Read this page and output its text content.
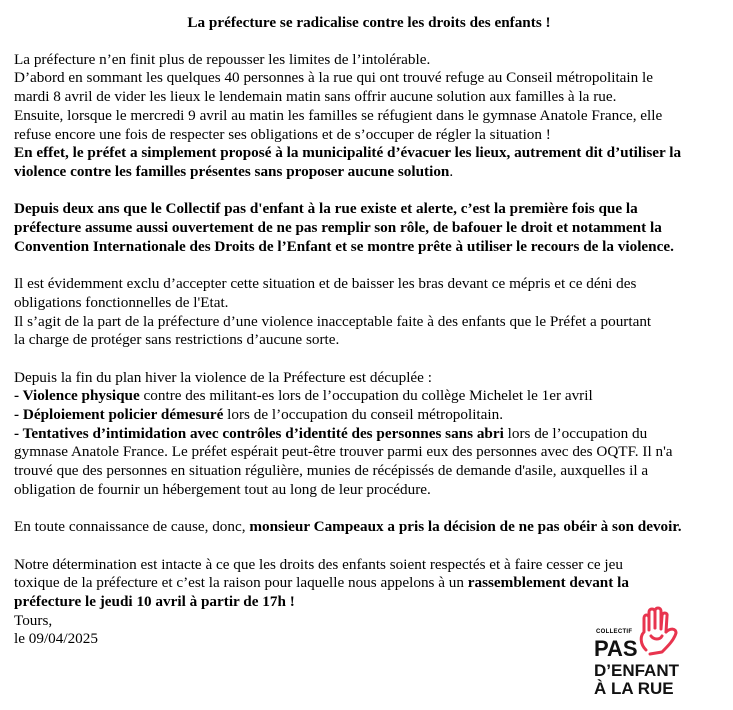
La préfecture se radicalise contre les droits des enfants !

La préfecture n’en finit plus de repousser les limites de l’intolérable.
D’abord en sommant les quelques 40 personnes à la rue qui ont trouvé refuge au Conseil métropolitain le
mardi 8 avril de vider les lieux le lendemain matin sans offrir aucune solution aux familles à la rue.
Ensuite, lorsque le mercredi 9 avril au matin les familles se réfugient dans le gymnase Anatole France, elle
refuse encore une fois de respecter ses obligations et de s’occuper de régler la situation !
En effet, le préfet a simplement proposé à la municipalité d’évacuer les lieux, autrement dit d’utiliser la
violence contre les familles présentes sans proposer aucune solution.

Depuis deux ans que le Collectif pas d'enfant à la rue existe et alerte, c’est la première fois que la
préfecture assume aussi ouvertement de ne pas remplir son rôle, de bafouer le droit et notamment la
Convention Internationale des Droits de l’Enfant et se montre prête à utiliser le recours de la violence.

Il est évidemment exclu d’accepter cette situation et de baisser les bras devant ce mépris et ce déni des
obligations fonctionnelles de l'Etat.
Il s’agit de la part de la préfecture d’une violence inacceptable faite à des enfants que le Préfet a pourtant
la charge de protéger sans restrictions d’aucune sorte.

Depuis la fin du plan hiver la violence de la Préfecture est décuplée :
- Violence physique contre des militant-es lors de l’occupation du collège Michelet le 1er avril
- Déploiement policier démesuré lors de l’occupation du conseil métropolitain.
- Tentatives d’intimidation avec contrôles d’identité des personnes sans abri lors de l’occupation du
gymnase Anatole France. Le préfet espérait peut-être trouver parmi eux des personnes avec des OQTF. Il n'a
trouvé que des personnes en situation régulière, munies de récépissés de demande d'asile, auxquelles il a
obligation de fournir un hébergement tout au long de leur procédure.

En toute connaissance de cause, donc, monsieur Campeaux a pris la décision de ne pas obéir à son devoir.

Notre détermination est intacte à ce que les droits des enfants soient respectés et à faire cesser ce jeu
toxique de la préfecture et c’est la raison pour laquelle nous appelons à un rassemblement devant la
préfecture le jeudi 10 avril à partir de 17h !
Tours,
le 09/04/2025	COLLECTIF
PAS
D’ENFANT
À LA RUE
